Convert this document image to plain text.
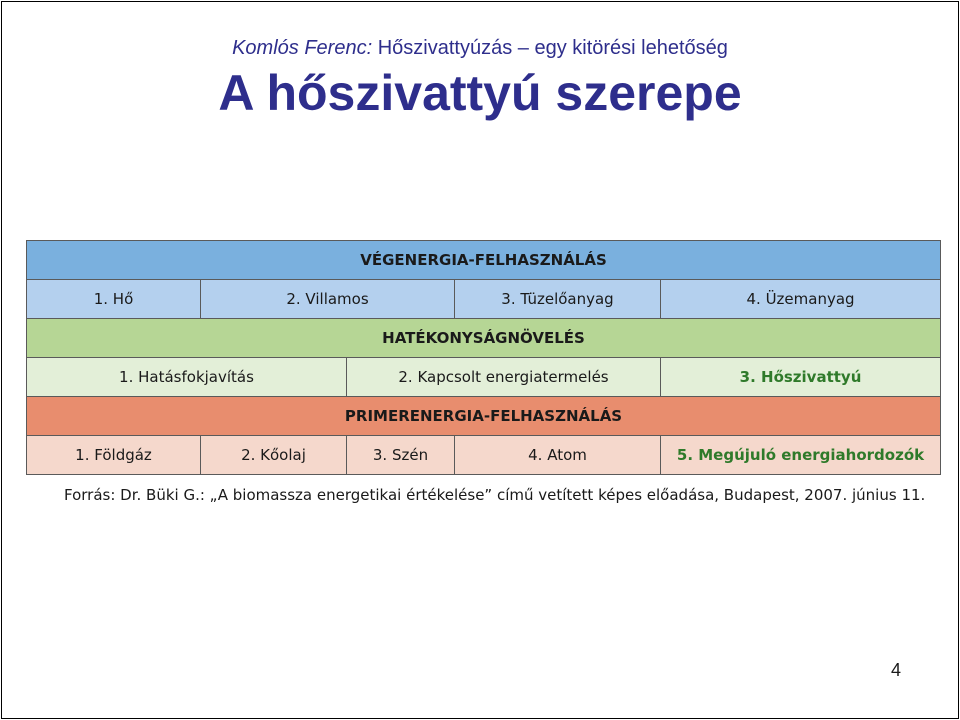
Komlós Ferenc: Hőszivattyúzás – egy kitörési lehetőség
A hőszivattyú szerepe
VÉGENERGIA-FELHASZNÁLÁS				
1. Hő	2. Villamos		3. Tüzelőanyag	4. Üzemanyag
HATÉKONYSÁGNÖVELÉS				
1. Hatásfokjavítás		2. Kapcsolt energiatermelés		3. Hőszivattyú
PRIMERENERGIA-FELHASZNÁLÁS				
1. Földgáz	2. Kőolaj	3. Szén	4. Atom	5. Megújuló energiahordozók
Forrás: Dr. Büki G.: „A biomassza energetikai értékelése” című vetített képes előadása, Budapest, 2007. június 11.
4
